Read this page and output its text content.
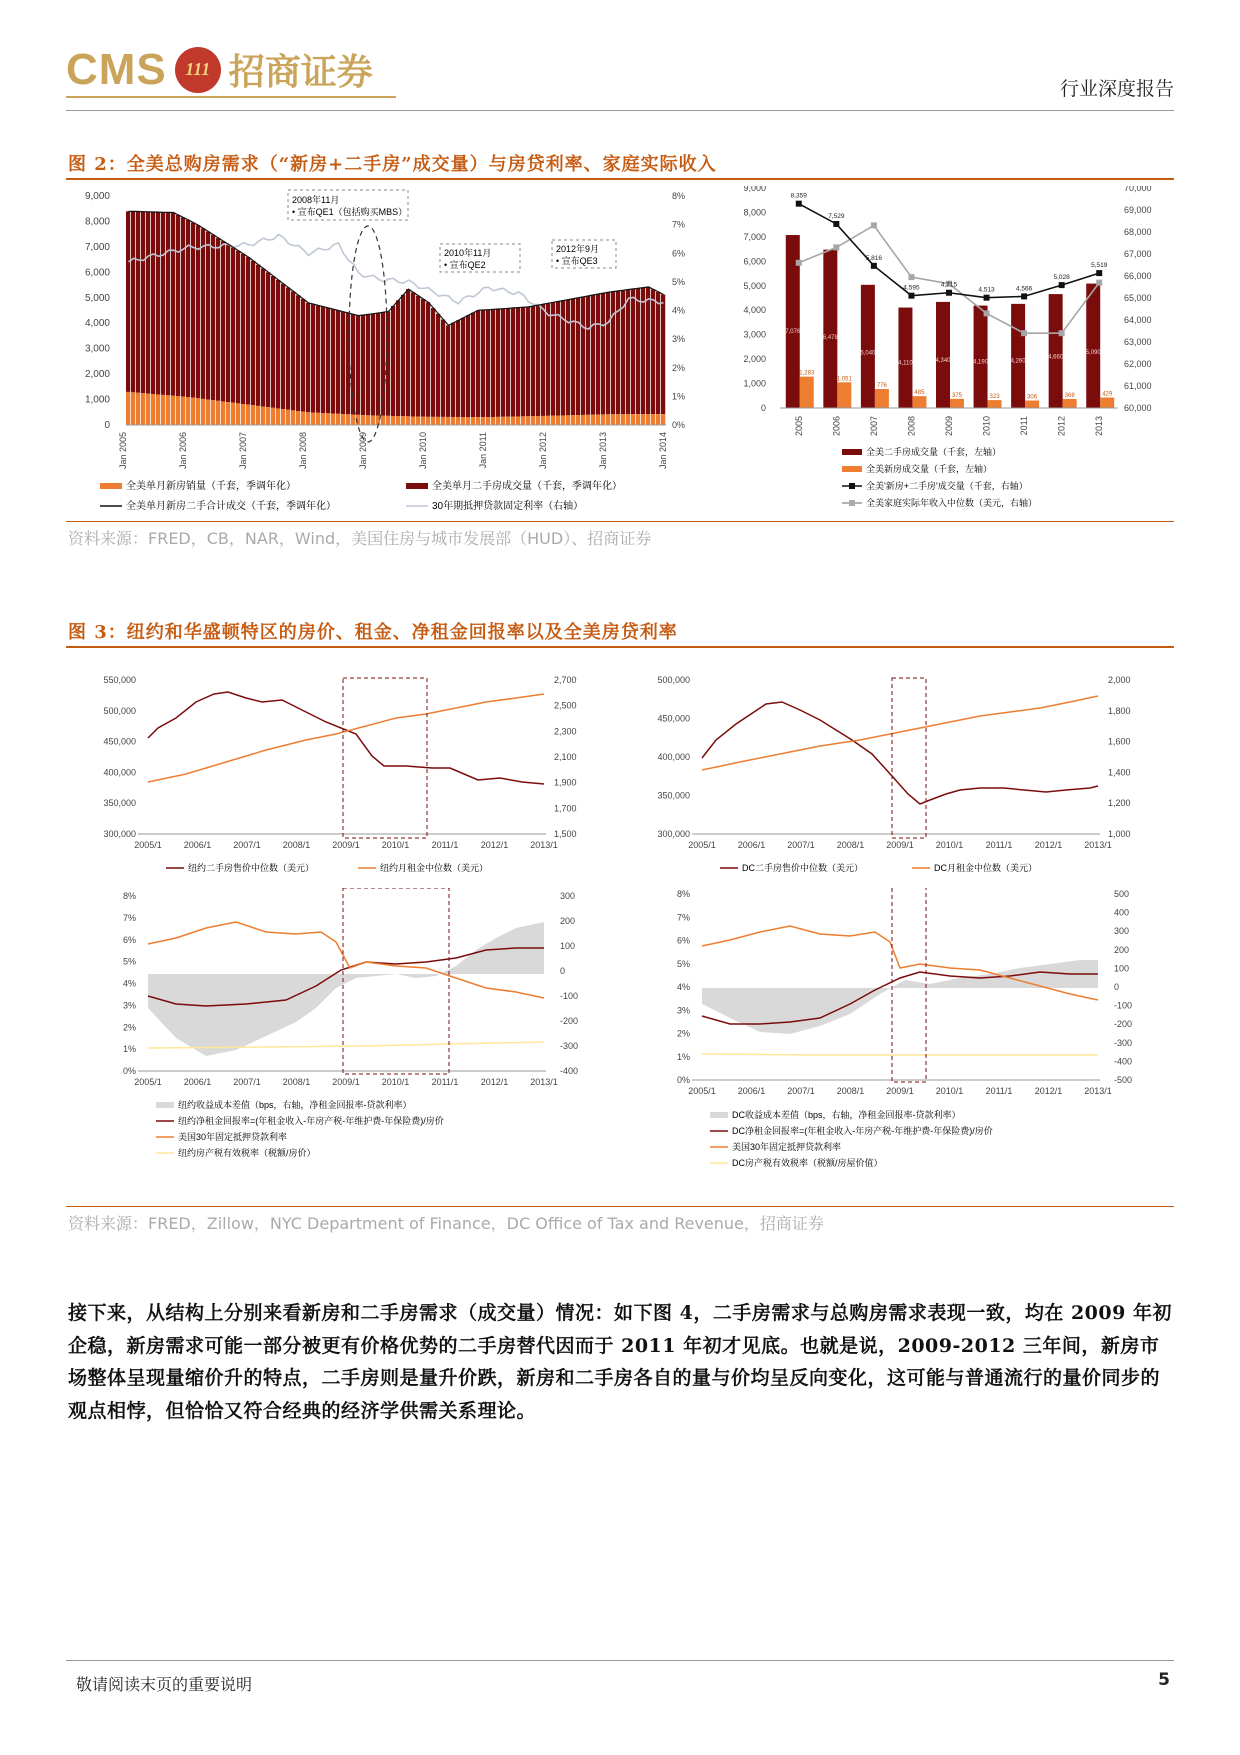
CMS	111 招商证券	行业深度报告
图 2：全美总购房需求（“新房+二手房”成交量）与房贷利率、家庭实际收入
9,000
8,000
7,000
6,000
5,000
4,000
3,000
2,000
1,000
0
8%
7%
6%
5%
4%
3%
2%
1%
0%
Jan 2005	Jan 2006	Jan 2007	Jan 2008	Jan 2009	Jan 2010	Jan 2011	Jan 2012	Jan 2013	Jan 2014
2008年11月
• 宣布QE1（包括购买MBS）
2010年11月
• 宣布QE2
2012年9月
• 宣布QE3
全美单月新房销量（千套，季调年化）	全美单月二手房成交量（千套，季调年化）
全美单月新房二手合计成交（千套，季调年化）	30年期抵押贷款固定利率（右轴）
9,000
8,000
7,000
6,000
5,000
4,000
3,000
2,000
1,000
0
70,000
69,000
68,000
67,000
66,000
65,000
64,000
63,000
62,000
61,000
60,000
7,076
1,283
6,478
1,051
5,040
776
4,110
485
4,340
375
4,190
323
4,260
306
4,660
368
5,090
429
8,359
7,529
5,816
4,595	4,715
4,513	4,566
5,028
5,519
2005	2006	2007	2008	2009	2010	2011	2012	2013
全美二手房成交量（千套，左轴）
全美新房成交量（千套，左轴）
全美'新房+二手房'成交量（千套，右轴）
全美家庭实际年收入中位数（美元，右轴）
资料来源：FRED，CB，NAR，Wind，美国住房与城市发展部（HUD）、招商证券
图 3：纽约和华盛顿特区的房价、租金、净租金回报率以及全美房贷利率
550,000
500,000
450,000
400,000
350,000
300,000
2,700
2,500
2,300
2,100
1,900
1,700
1,500
2005/1 2006/1 2007/1 2008/1 2009/1 2010/1 2011/1 2012/1 2013/1
纽约二手房售价中位数（美元）	纽约月租金中位数（美元）
500,000
450,000
400,000
350,000
300,000
2,000
1,800
1,600
1,400
1,200
1,000
2005/1 2006/1 2007/1 2008/1 2009/1 2010/1 2011/1 2012/1 2013/1
DC二手房售价中位数（美元）	DC月租金中位数（美元）
8%
7%
6%
5%
4%
3%
2%
1%
0%
300
200
100
0
-100
-200
-300
-400
2005/1 2006/1 2007/1 2008/1 2009/1 2010/1 2011/1 2012/1 2013/1
纽约收益成本差值（bps，右轴，净租金回报率-贷款利率）
纽约净租金回报率=(年租金收入-年房产税-年维护费-年保险费)/房价
美国30年固定抵押贷款利率
纽约房产税有效税率（税额/房价）
8%
7%
6%
5%
4%
3%
2%
1%
0%
500
400
300
200
100
0
-100
-200
-300
-400
-500
2005/1 2006/1 2007/1 2008/1 2009/1 2010/1 2011/1 2012/1 2013/1
DC收益成本差值（bps，右轴，净租金回报率-贷款利率）
DC净租金回报率=(年租金收入-年房产税-年维护费-年保险费)/房价
美国30年固定抵押贷款利率
DC房产税有效税率（税额/房屋价值）
资料来源：FRED，Zillow，NYC Department of Finance，DC Office of Tax and Revenue，招商证券
接下来，从结构上分别来看新房和二手房需求（成交量）情况：如下图 4，二手房需求与总购房需求表现一致，均在 2009 年初企稳，新房需求可能一部分被更有价格优势的二手房替代因而于 2011 年初才见底。也就是说，2009-2012 三年间，新房市场整体呈现量缩价升的特点，二手房则是量升价跌，新房和二手房各自的量与价均呈反向变化，这可能与普通流行的量价同步的观点相悖，但恰恰又符合经典的经济学供需关系理论。
敬请阅读末页的重要说明	5
